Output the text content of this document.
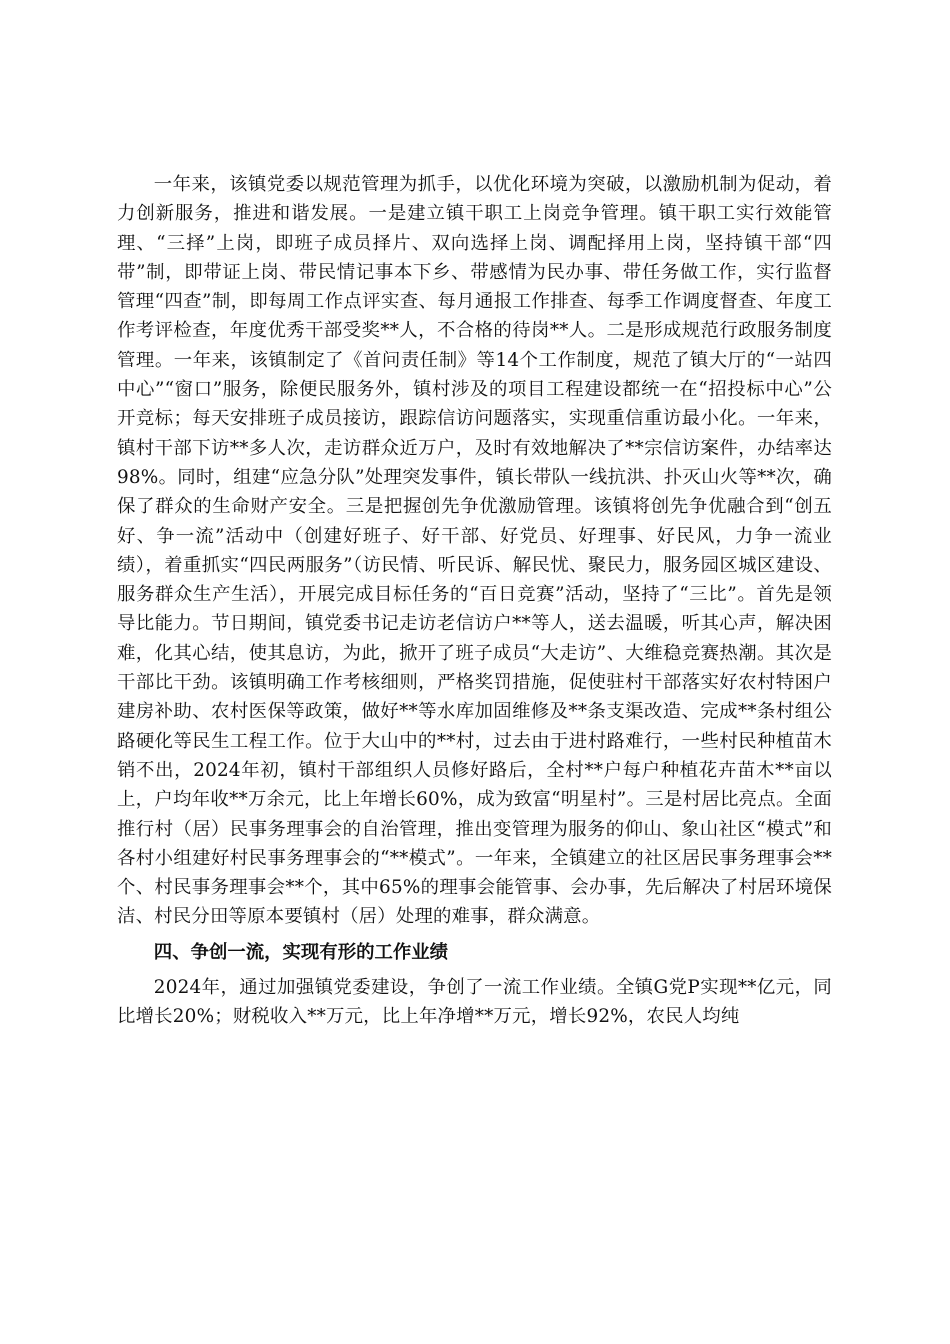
一年来，该镇党委以规范管理为抓手，以优化环境为突破，以激励机制为促动，着力创新服务，推进和谐发展。一是建立镇干职工上岗竞争管理。镇干职工实行效能管理、“三择”上岗，即班子成员择片、双向选择上岗、调配择用上岗，坚持镇干部“四带”制，即带证上岗、带民情记事本下乡、带感情为民办事、带任务做工作，实行监督管理“四查”制，即每周工作点评实查、每月通报工作排查、每季工作调度督查、年度工作考评检查，年度优秀干部受奖**人，不合格的待岗**人。二是形成规范行政服务制度管理。一年来，该镇制定了《首问责任制》等14个工作制度，规范了镇大厅的“一站四中心”“窗口”服务，除便民服务外，镇村涉及的项目工程建设都统一在“招投标中心”公开竞标；每天安排班子成员接访，跟踪信访问题落实，实现重信重访最小化。一年来，镇村干部下访**多人次，走访群众近万户，及时有效地解决了**宗信访案件，办结率达98%。同时，组建“应急分队”处理突发事件，镇长带队一线抗洪、扑灭山火等**次，确保了群众的生命财产安全。三是把握创先争优激励管理。该镇将创先争优融合到“创五好、争一流”活动中（创建好班子、好干部、好党员、好理事、好民风，力争一流业绩），着重抓实“四民两服务”（访民情、听民诉、解民忧、聚民力，服务园区城区建设、服务群众生产生活），开展完成目标任务的“百日竞赛”活动，坚持了“三比”。首先是领导比能力。节日期间，镇党委书记走访老信访户**等人，送去温暖，听其心声，解决困难，化其心结，使其息访，为此，掀开了班子成员“大走访”、大维稳竞赛热潮。其次是干部比干劲。该镇明确工作考核细则，严格奖罚措施，促使驻村干部落实好农村特困户建房补助、农村医保等政策，做好**等水库加固维修及**条支渠改造、完成**条村组公路硬化等民生工程工作。位于大山中的**村，过去由于进村路难行，一些村民种植苗木销不出，2024年初，镇村干部组织人员修好路后，全村**户每户种植花卉苗木**亩以上，户均年收**万余元，比上年增长60%，成为致富“明星村”。三是村居比亮点。全面推行村（居）民事务理事会的自治管理，推出变管理为服务的仰山、象山社区“模式”和各村小组建好村民事务理事会的“**模式”。一年来，全镇建立的社区居民事务理事会**个、村民事务理事会**个，其中65%的理事会能管事、会办事，先后解决了村居环境保洁、村民分田等原本要镇村（居）处理的难事，群众满意。

四、争创一流，实现有形的工作业绩

2024年，通过加强镇党委建设，争创了一流工作业绩。全镇G党P实现**亿元，同比增长20%；财税收入**万元，比上年净增**万元，增长92%，农民人均纯
